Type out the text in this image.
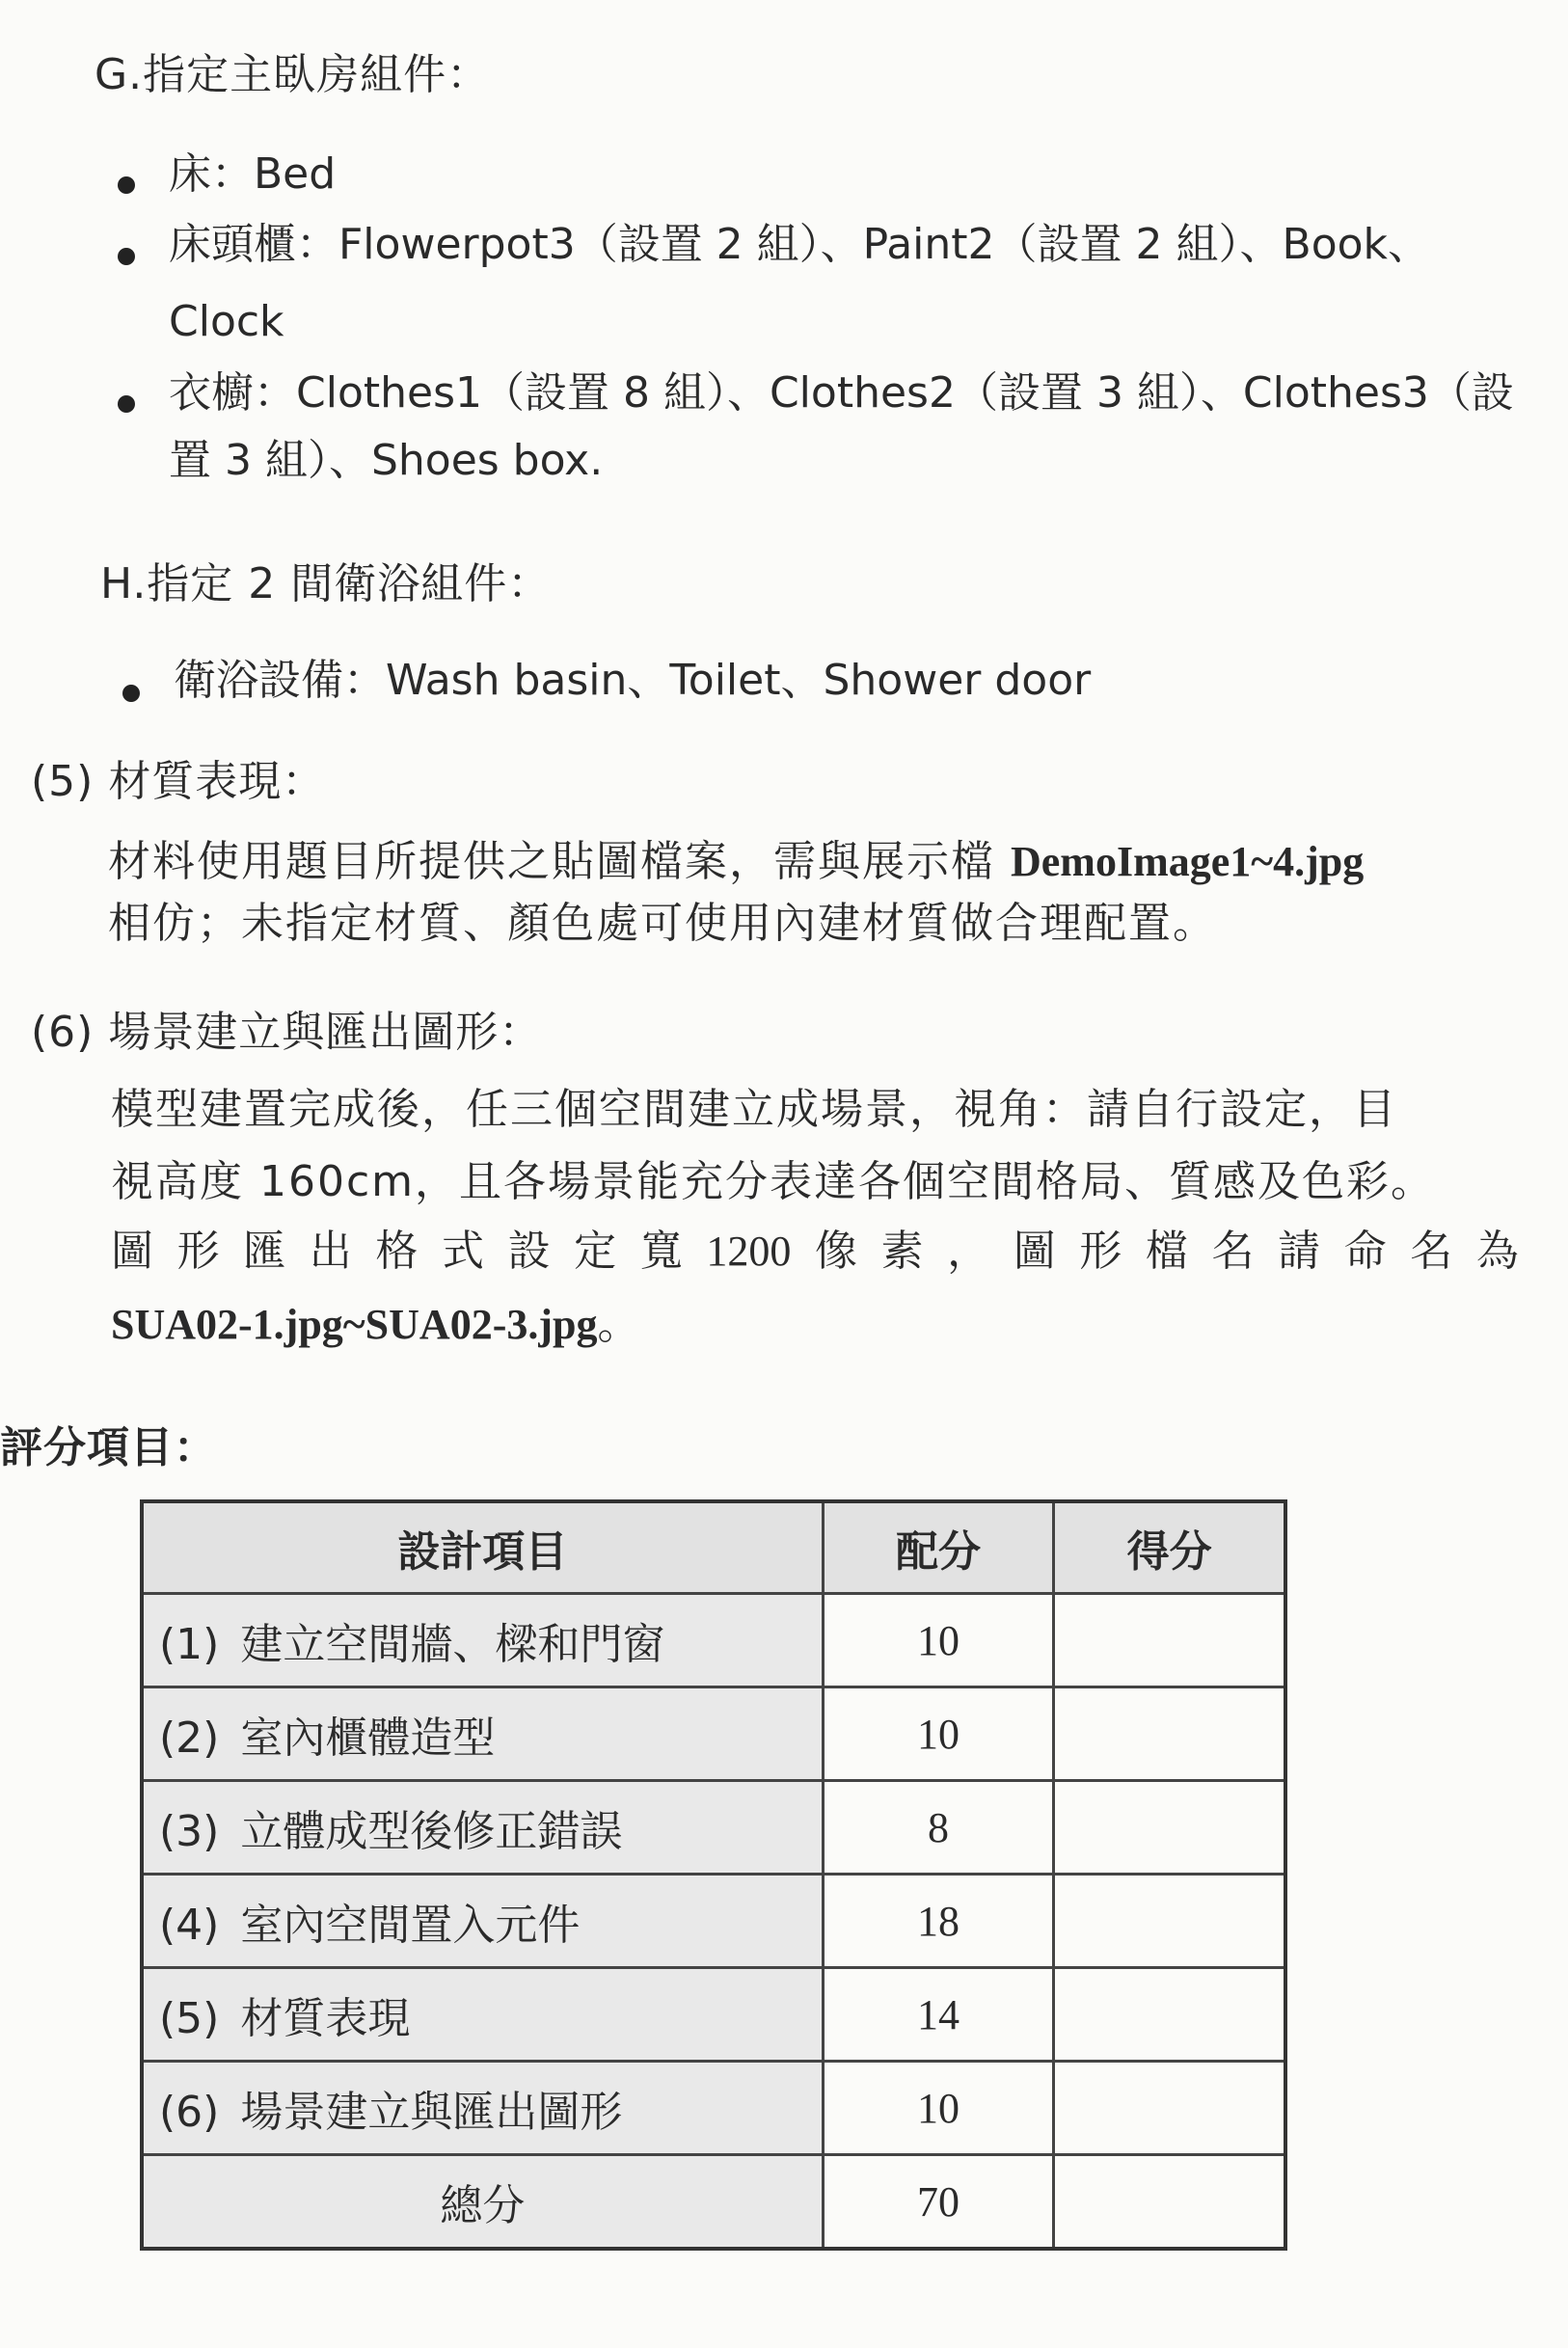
G.指定主臥房組件：
床：Bed
床頭櫃：Flowerpot3（設置 2 組）、Paint2（設置 2 組）、Book、
Clock
衣櫥：Clothes1（設置 8 組）、Clothes2（設置 3 組）、Clothes3（設
置 3 組）、Shoes box.
H.指定 2 間衛浴組件：
衛浴設備：Wash basin、Toilet、Shower door
(5) 材質表現：
材料使用題目所提供之貼圖檔案，需與展示檔 DemoImage1~4.jpg
相仿；未指定材質、顏色處可使用內建材質做合理配置。
(6) 場景建立與匯出圖形：
模型建置完成後，任三個空間建立成場景，視角：請自行設定，目
視高度 160cm，且各場景能充分表達各個空間格局、質感及色彩。
圖 形 匯 出 格 式 設 定 寬 1200 像 素 ， 圖 形 檔 名 請 命 名 為
SUA02-1.jpg~SUA02-3.jpg。
評分項目：
設計項目	配分	得分
(1) 建立空間牆、樑和門窗	10	
(2) 室內櫃體造型	10	
(3) 立體成型後修正錯誤	8	
(4) 室內空間置入元件	18	
(5) 材質表現	14	
(6) 場景建立與匯出圖形	10	
總分	70	
